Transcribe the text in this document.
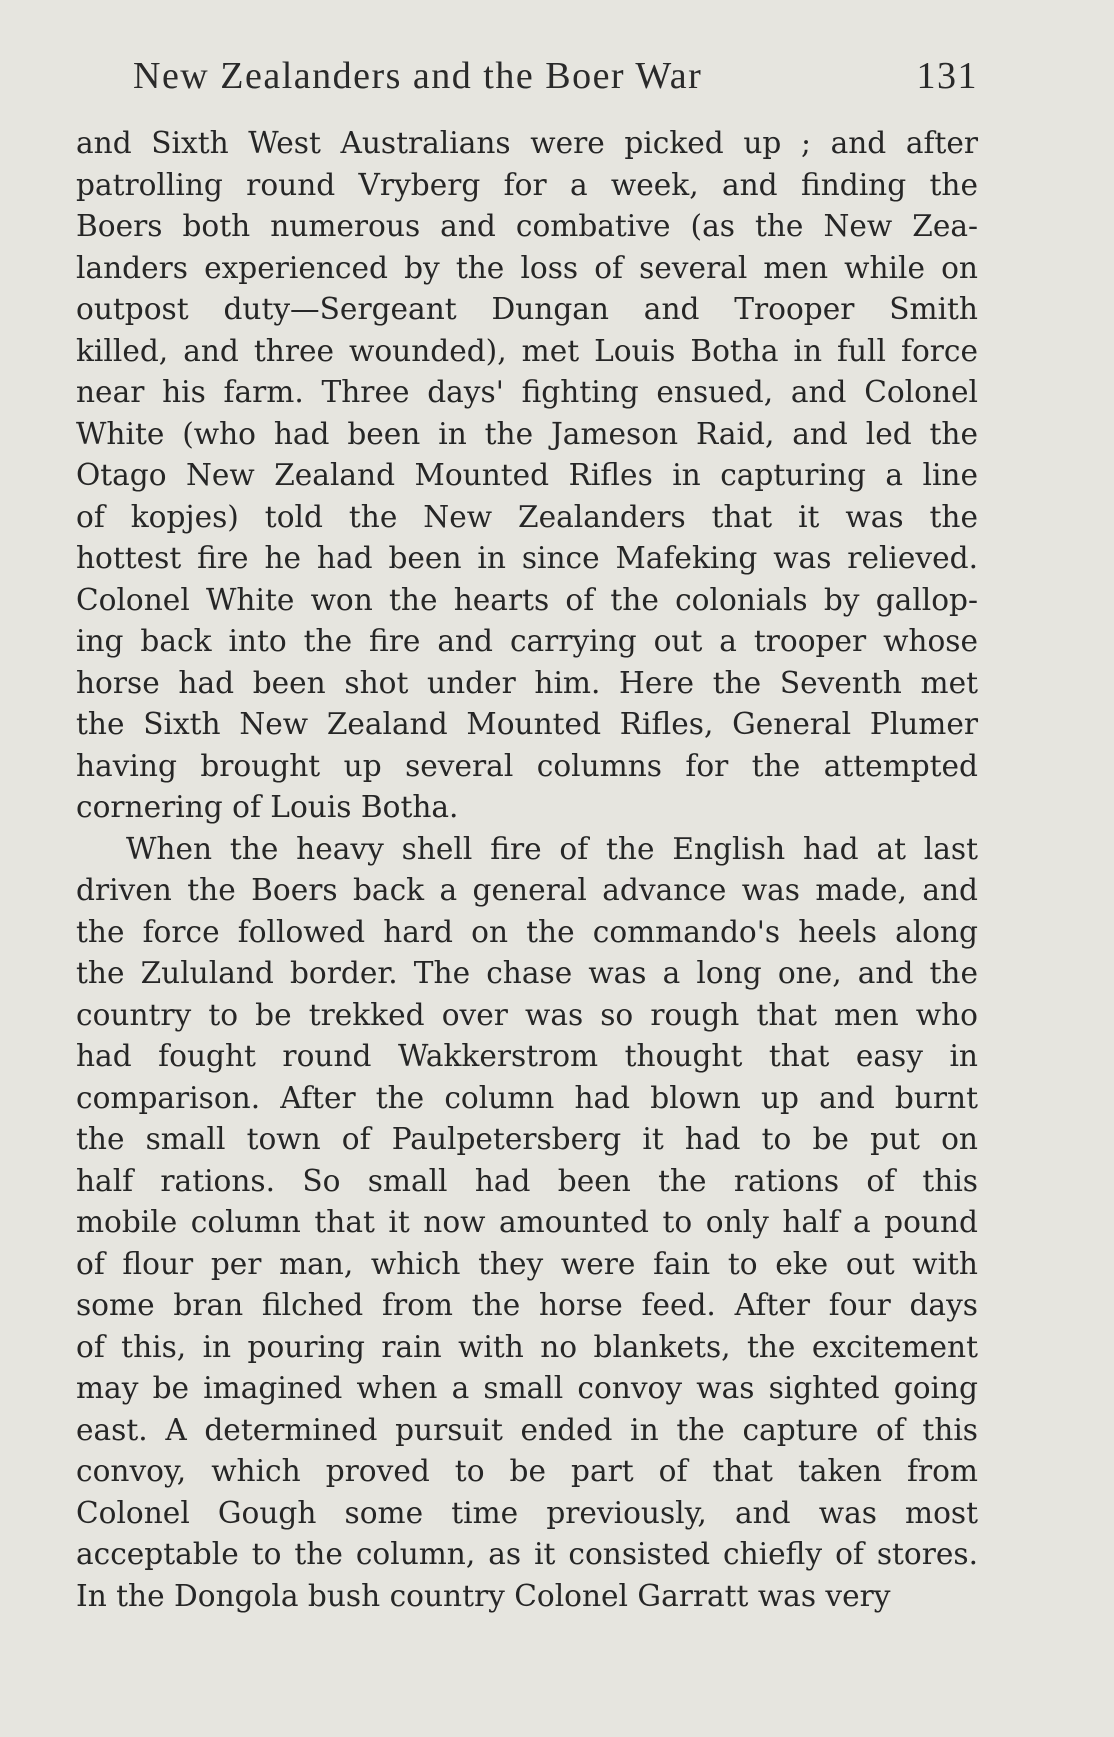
New Zealanders and the Boer War	131
and Sixth West Australians were picked up ; and after
patrolling round Vryberg for a week, and finding the
Boers both numerous and combative (as the New Zea-
landers experienced by the loss of several men while on
outpost duty—Sergeant Dungan and Trooper Smith
killed, and three wounded), met Louis Botha in full force
near his farm. Three days' fighting ensued, and Colonel
White (who had been in the Jameson Raid, and led the
Otago New Zealand Mounted Rifles in capturing a line
of kopjes) told the New Zealanders that it was the
hottest fire he had been in since Mafeking was relieved.
Colonel White won the hearts of the colonials by gallop-
ing back into the fire and carrying out a trooper whose
horse had been shot under him. Here the Seventh met
the Sixth New Zealand Mounted Rifles, General Plumer
having brought up several columns for the attempted
cornering of Louis Botha.
When the heavy shell fire of the English had at last
driven the Boers back a general advance was made, and
the force followed hard on the commando's heels along
the Zululand border. The chase was a long one, and the
country to be trekked over was so rough that men who
had fought round Wakkerstrom thought that easy in
comparison. After the column had blown up and burnt
the small town of Paulpetersberg it had to be put on
half rations. So small had been the rations of this
mobile column that it now amounted to only half a pound
of flour per man, which they were fain to eke out with
some bran filched from the horse feed. After four days
of this, in pouring rain with no blankets, the excitement
may be imagined when a small convoy was sighted going
east. A determined pursuit ended in the capture of this
convoy, which proved to be part of that taken from
Colonel Gough some time previously, and was most
acceptable to the column, as it consisted chiefly of stores.
In the Dongola bush country Colonel Garratt was very
